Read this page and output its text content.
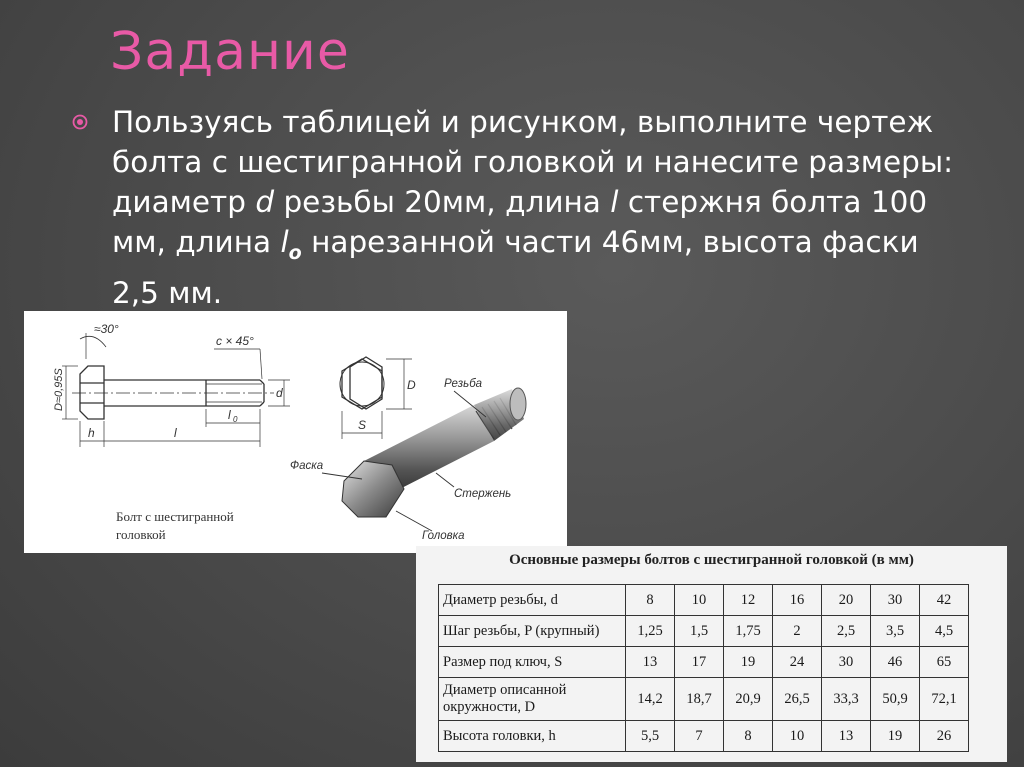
Задание
Пользуясь таблицей и рисунком, выполните чертеж болта с шестигранной головкой и нанесите размеры: диаметр d резьбы 20мм, длина l стержня болта 100 мм, длина $l_o$ нарезанной части 46мм, высота фаски 2,5 мм.
≈30°
c × 45°
d
h	l
l 0
D≈0,95S
S
D Резьба
Фаска
Стержень
Головка
Болт с шестигранной
головкой
Основные размеры болтов с шестигранной головкой (в мм)
Диаметр резьбы, d	8	10	12	16	20	30	42
Шаг резьбы, P (крупный)	1,25	1,5	1,75	2	2,5	3,5	4,5
Размер под ключ, S	13	17	19	24	30	46	65
Диаметр описанной окружности, D	14,2	18,7	20,9	26,5	33,3	50,9	72,1
Высота головки, h	5,5	7	8	10	13	19	26
